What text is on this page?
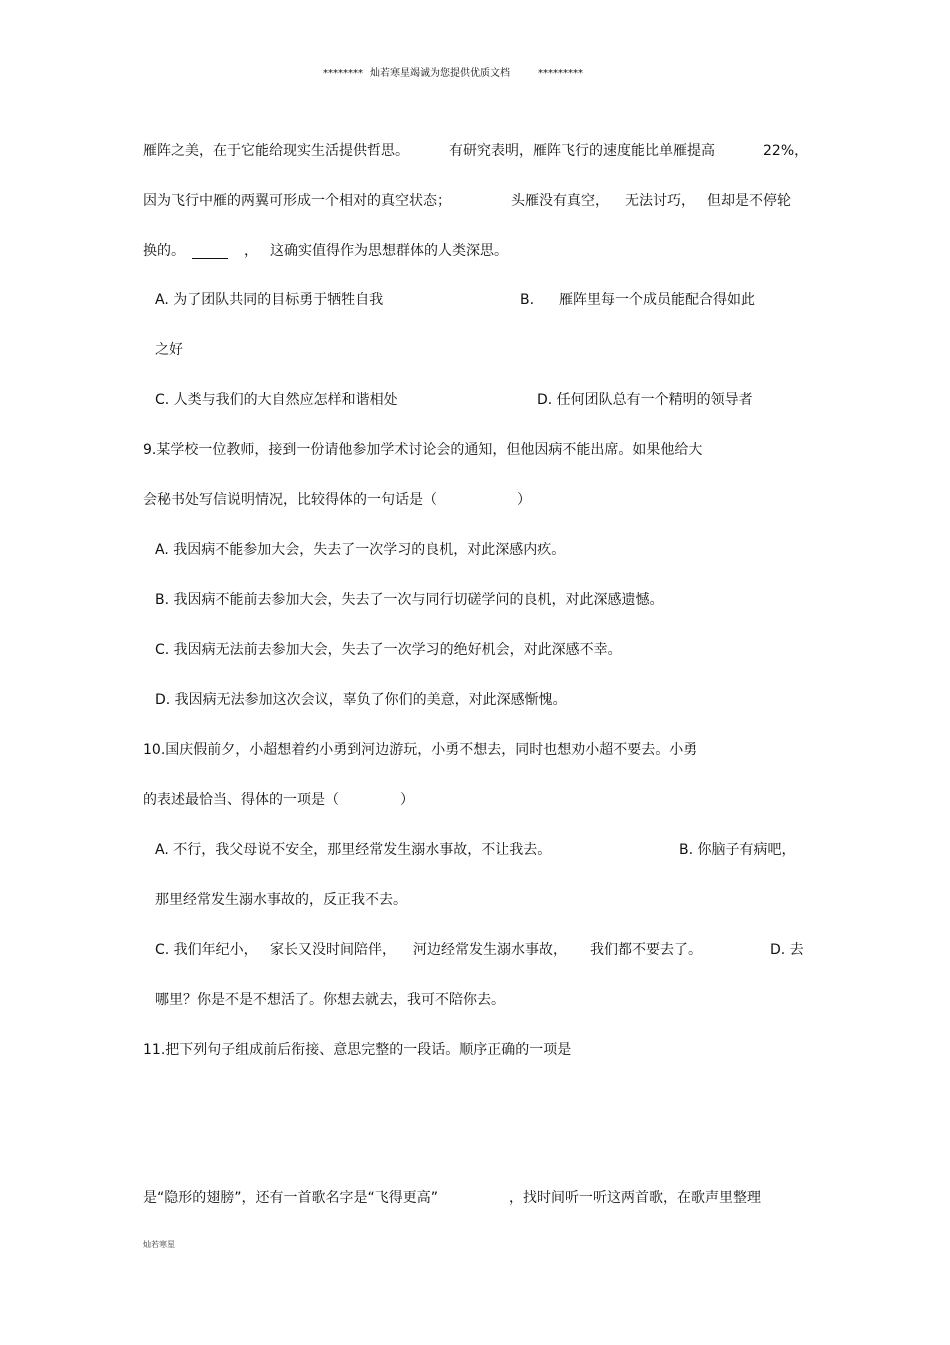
******** 灿若寒星竭诚为您提供优质文档	*********
雁阵之美，在于它能给现实生活提供哲思。	有研究表明，雁阵飞行的速度能比单雁提高	22%，
因为飞行中雁的两翼可形成一个相对的真空状态；	头雁没有真空， 无法讨巧， 但却是不停轮
换的。	， 这确实值得作为思想群体的人类深思。
A. 为了团队共同的目标勇于牺牲自我	B. 雁阵里每一个成员能配合得如此
之好
C. 人类与我们的大自然应怎样和谐相处	D. 任何团队总有一个精明的领导者
9.某学校一位教师，接到一份请他参加学术讨论会的通知，但他因病不能出席。如果他给大
会秘书处写信说明情况，比较得体的一句话是（	）
A. 我因病不能参加大会，失去了一次学习的良机，对此深感内疚。
B. 我因病不能前去参加大会，失去了一次与同行切磋学问的良机，对此深感遗憾。
C. 我因病无法前去参加大会，失去了一次学习的绝好机会，对此深感不幸。
D. 我因病无法参加这次会议，辜负了你们的美意，对此深感惭愧。
10.国庆假前夕，小超想着约小勇到河边游玩，小勇不想去，同时也想劝小超不要去。小勇
的表述最恰当、得体的一项是（	）
A. 不行，我父母说不安全，那里经常发生溺水事故，不让我去。	B. 你脑子有病吧，
那里经常发生溺水事故的，反正我不去。
C. 我们年纪小， 家长又没时间陪伴， 河边经常发生溺水事故， 我们都不要去了。	D. 去
哪里？你是不是不想活了。你想去就去，我可不陪你去。
11.把下列句子组成前后衔接、意思完整的一段话。顺序正确的一项是
是“隐形的翅膀”，还有一首歌名字是“飞得更高”	，找时间听一听这两首歌，在歌声里整理
灿若寒星
